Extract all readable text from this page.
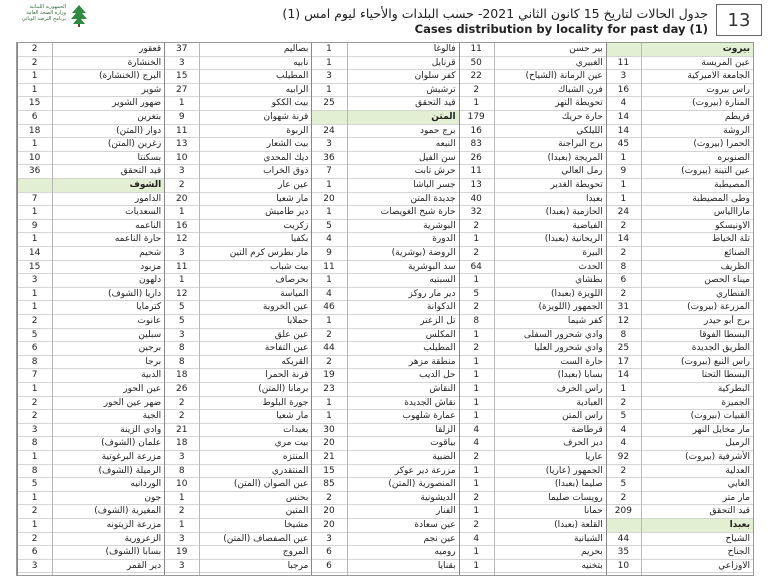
الجمهورية اللبنانية
وزارة الصحة العامة
برنامج الترصد الوبائي	جدول الحالات لتاريخ 15 كانون الثاني 2021- حسب البلدات والأحياء ليوم امس (1)
Cases distribution by locality for past day (1)	13
بيروت
11	عين المريسة
3	الجامعة الاميركية
16	راس بيروت
4	المنارة (بيروت)
14	قريطم
14	الروشة
45	الحمرا (بيروت)
1	الصنوبره
9	عين التينة (بيروت)
1	المصيطبة
1	وطى المصيطبة
24	ماراالياس
2	الاونيسكو
14	تلة الخياط
2	الصنائع
8	الظريف
6	ميناء الحصن
2	القنطاري
31	المزرعة (بيروت)
12	برج أبو حيدر
8	البسطا الفوقا
25	الطريق الجديدة
17	راس النبع (بيروت)
14	البسطا التحتا
1	البطركية
2	الجميزة
5	القبيات (بيروت)
4	مار مخايل النهر
4	الرميل
92	الأشرفية (بيروت)
2	العدلية
5	الغابي
2	مار متر
209	قيد التحقق
بعبدا
44	الشياح
35	الجناح
10	الاوزاعي
11	بير حسن
50	الغبيري
22	عين الرمانة (الشياح)
2	فرن الشباك
1	تحويطة النهر
179	حارة حريك
16	الليلكي
83	برج البراجنة
26	المريجة (بعبدا)
11	رمل العالي
13	تحويطة الغدير
40	بعبدا
32	الحازمية (بعبدا)
2	الفياضية
1	الريحانية (بعبدا)
2	البيرة
64	الحدث
1	بطشاي
5	اللويزة (بعبدا)
2	الجمهور (اللويزة)
8	كفر شيما
1	وادي شحرور السفلى
2	وادي شحرور العليا
1	حارة الست
1	بسابا (بعبدا)
1	راس الحرف
1	العبادية
1	راس المتن
4	قرطاضة
4	دير الحرف
2	عاريا
1	الجمهور (عاريا)
1	صليما (بعبدا)
2	رويسات صليما
1	حمانا
2	القلعة (بعبدا)
4	الشبانية
1	بحريم
1	بتخنيه
1	فالوغا
1	قرنايل
3	كفر سلوان
1	ترشيش
25	قيد التحقق
المتن
24	برج حمود
3	النبعه
36	سن الفيل
7	حرش تابت
1	جسر الباشا
20	جديدة المتن
1	حارة شيخ الغويصات
5	البوشرية
4	الدورة
9	الروضة (بوشرية)
11	سد البوشرية
1	السبتيه
4	دير مار روكز
46	الدكوانة
1	تل الزعتر
2	المكلس
44	المطيلب
2	منطقة مزهر
19	حل الديب
23	النقاش
1	نقاش الجديدة
1	عمارة شلهوب
30	الزلقا
20	بياقوت
21	الضبية
15	مزرعة دير عوكر
85	المنصورية (المتن)
2	الديشونية
20	الفنار
20	عين سعادة
3	عين نجم
6	روميه
6	بقنايا
37	بصاليم
3	نابيه
15	المطيلب
27	الرابيه
1	بيت الككو
9	قرنة شهوان
11	الربوة
13	بيت الشعار
10	ديك المحدي
3	ذوق الخراب
2	عين عار
20	مار شعيا
1	دير طاميش
16	زكريت
12	بكفيا
3	مار بطرس كرم التين
11	بيت شباب
1	بحرصاف
12	المياسة
5	عين الخروبة
5	حملايا
3	عين علق
8	عين التفاحة
8	القريكه
18	قرنة الحمرا
26	برمانا (المتن)
2	جورة البلوط
2	مار شعيا
21	بعبدات
18	بيت مري
3	المنتزه
8	المنتقدري
10	عين الصوان (المتن)
1	بحنس
2	المتين
1	مشيخا
3	عين الصفصاف (المتن)
19	المروج
3	مرجبا
2	قعقور
2	الخنشارة
1	البرج (الخنشارة)
1	شوير
15	ضهور الشوير
6	بتغرين
18	دوار (المتن)
1	زغرين (المتن)
10	بسكنتا
36	قيد التحقق
الشوف
7	الدامور
1	السعديات
9	الناعمه
1	حارة الناعمه
14	شحيم
15	مزبود
3	دلهون
1	داريا (الشوف)
1	كترمايا
2	عانوت
5	سبلين
6	برجين
8	برجا
7	الدبية
1	عين الحور
2	ضهر عين الحور
2	الجية
3	وادي الزينة
8	علمان (الشوف)
1	مزرعة البرغوتية
8	الرميلة (الشوف)
5	الوردانيه
1	جون
2	المغيرية (الشوف)
1	مزرعة الزيتونه
2	الزعرورية
6	بسابا (الشوف)
3	دير القمر
